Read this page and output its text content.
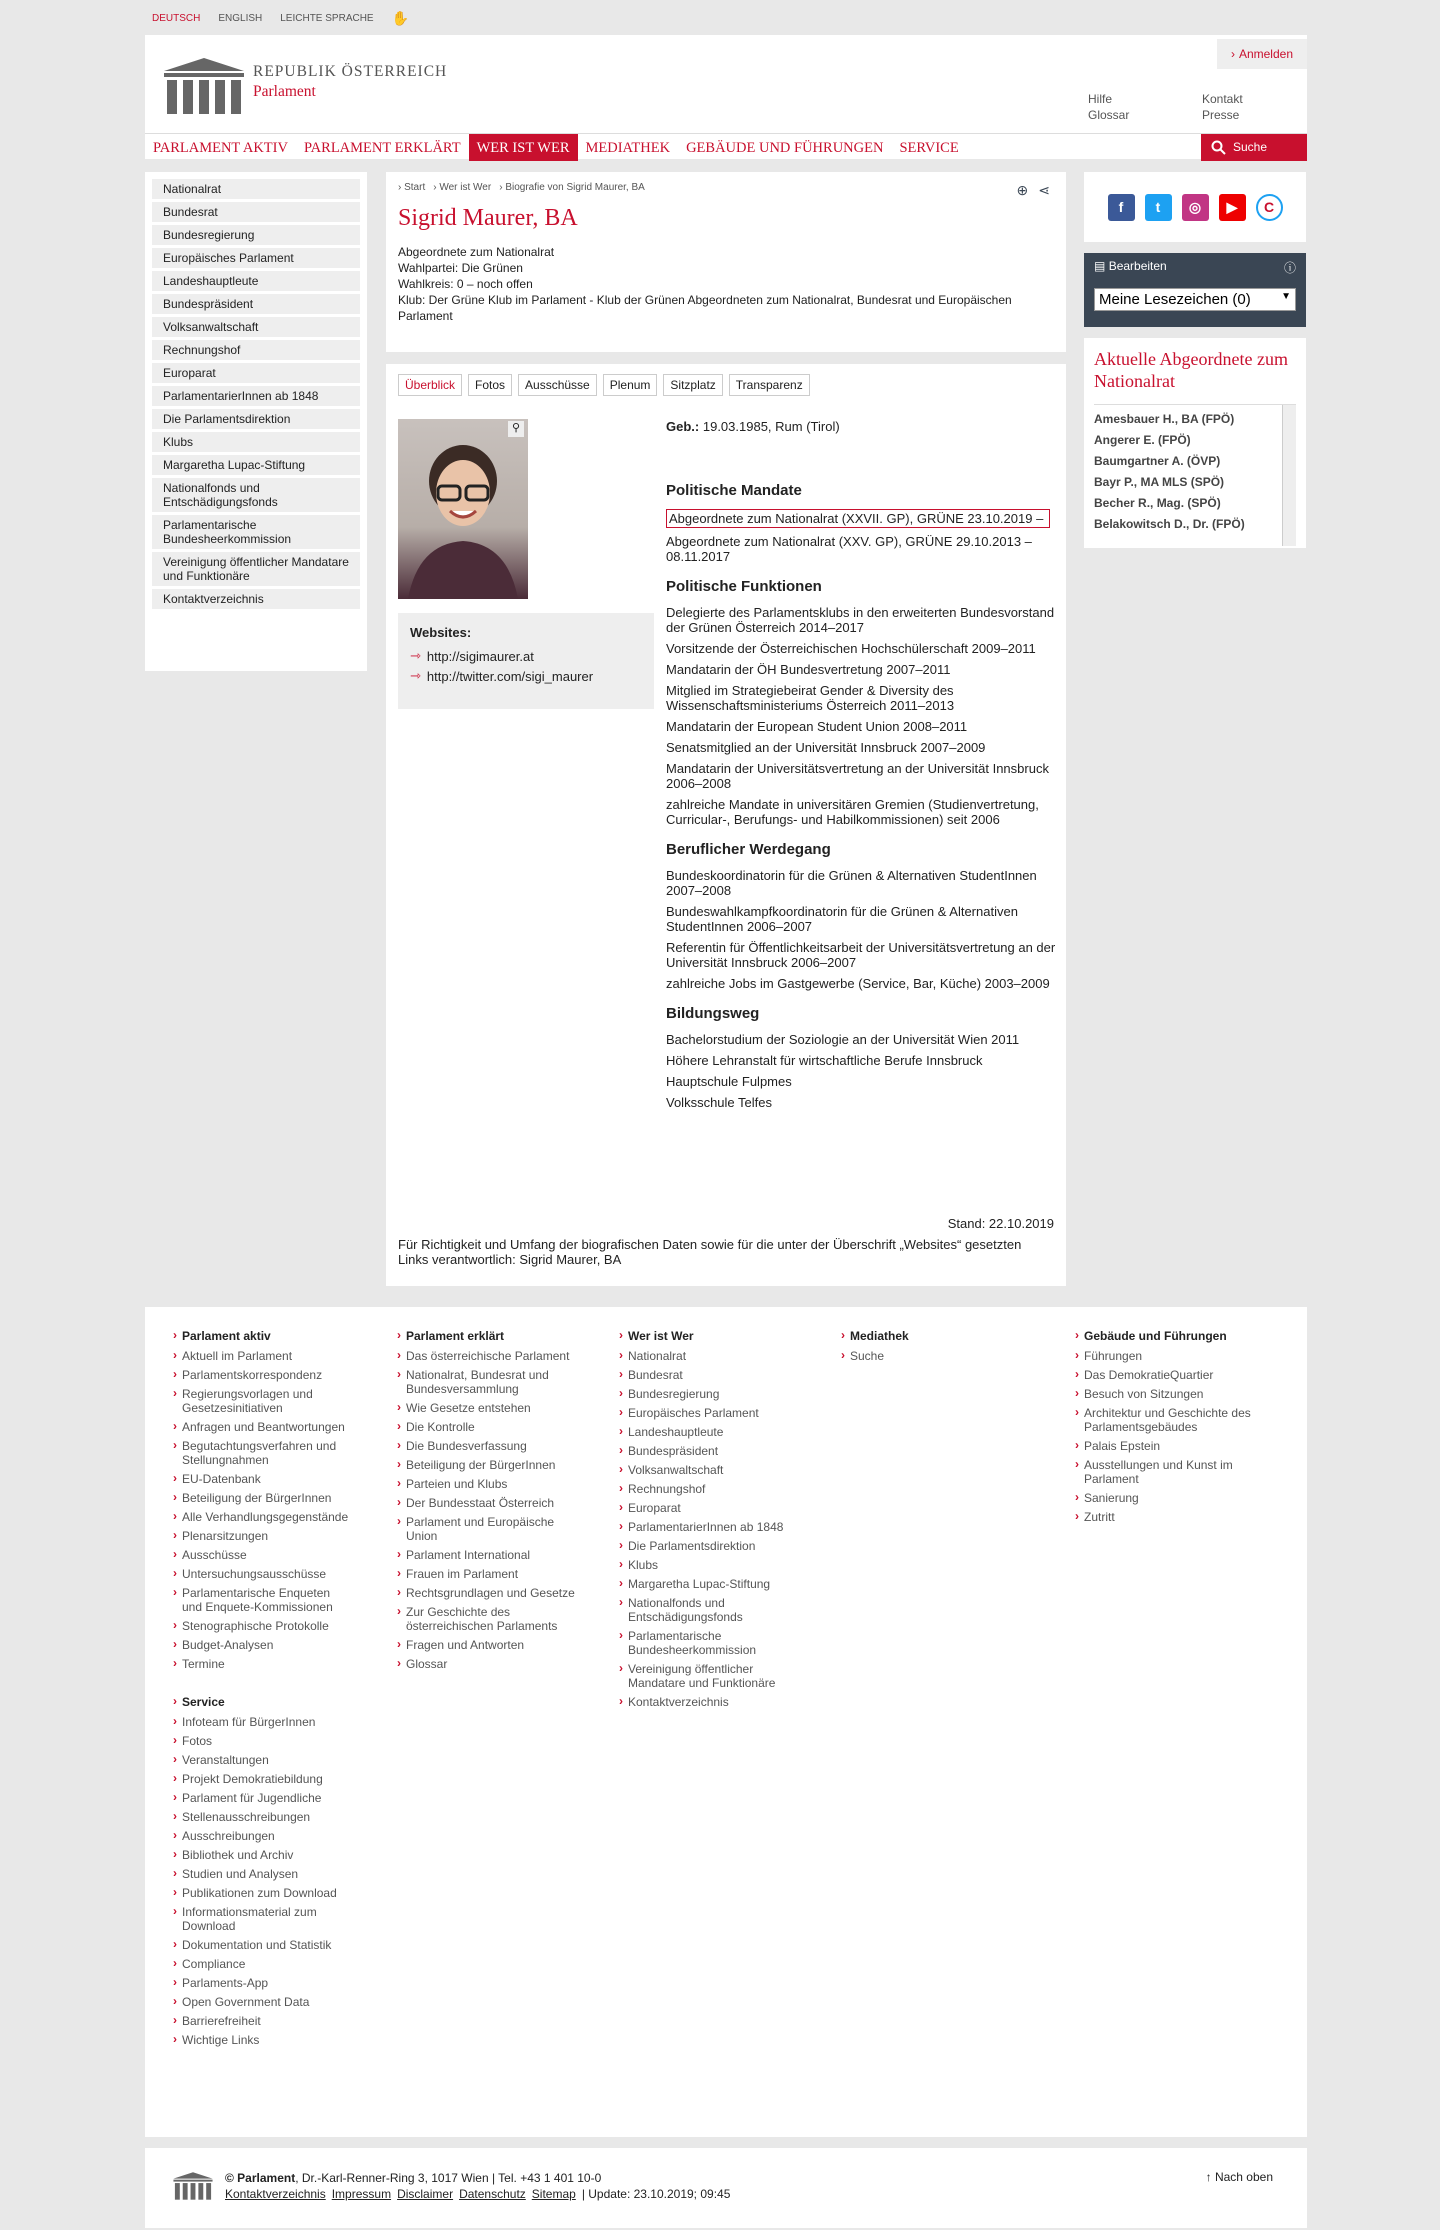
DEUTSCH ENGLISH LEICHTE SPRACHE ✋
REPUBLIK ÖSTERREICH
Parlament
› Anmelden
Hilfe
Glossar
Kontakt
Presse
PARLAMENT AKTIV	PARLAMENT ERKLÄRT	WER IST WER	MEDIATHEK	GEBÄUDE UND FÜHRUNGEN	SERVICE	Suche
Nationalrat
Bundesrat
Bundesregierung
Europäisches Parlament
Landeshauptleute
Bundespräsident
Volksanwaltschaft
Rechnungshof
Europarat
ParlamentarierInnen ab 1848
Die Parlamentsdirektion
Klubs
Margaretha Lupac-Stiftung
Nationalfonds und Entschädigungsfonds
Parlamentarische Bundesheerkommission
Vereinigung öffentlicher Mandatare und Funktionäre
Kontaktverzeichnis
› Start › Wer ist Wer › Biografie von Sigrid Maurer, BA	⊕ ⋖
Sigrid Maurer, BA
Abgeordnete zum Nationalrat
Wahlpartei: Die Grünen
Wahlkreis: 0 – noch offen
Klub: Der Grüne Klub im Parlament - Klub der Grünen Abgeordneten zum Nationalrat, Bundesrat und Europäischen Parlament
Überblick	Fotos	Ausschüsse	Plenum	Sitzplatz	Transparenz
⚲
Websites:
⇾ http://sigimaurer.at
⇾ http://twitter.com/sigi_maurer
Geb.: 19.03.1985, Rum (Tirol)
Politische Mandate
Abgeordnete zum Nationalrat (XXVII. GP), GRÜNE 23.10.2019 –
Abgeordnete zum Nationalrat (XXV. GP), GRÜNE 29.10.2013 – 08.11.2017
Politische Funktionen
Delegierte des Parlamentsklubs in den erweiterten Bundesvorstand der Grünen Österreich 2014–2017
Vorsitzende der Österreichischen Hochschülerschaft 2009–2011
Mandatarin der ÖH Bundesvertretung 2007–2011
Mitglied im Strategiebeirat Gender & Diversity des Wissenschaftsministeriums Österreich 2011–2013
Mandatarin der European Student Union 2008–2011
Senatsmitglied an der Universität Innsbruck 2007–2009
Mandatarin der Universitätsvertretung an der Universität Innsbruck 2006–2008
zahlreiche Mandate in universitären Gremien (Studienvertretung, Curricular-, Berufungs- und Habilkommissionen) seit 2006
Beruflicher Werdegang
Bundeskoordinatorin für die Grünen & Alternativen StudentInnen 2007–2008
Bundeswahlkampfkoordinatorin für die Grünen & Alternativen StudentInnen 2006–2007
Referentin für Öffentlichkeitsarbeit der Universitätsvertretung an der Universität Innsbruck 2006–2007
zahlreiche Jobs im Gastgewerbe (Service, Bar, Küche) 2003–2009
Bildungsweg
Bachelorstudium der Soziologie an der Universität Wien 2011
Höhere Lehranstalt für wirtschaftliche Berufe Innsbruck
Hauptschule Fulpmes
Volksschule Telfes
Stand: 22.10.2019
Für Richtigkeit und Umfang der biografischen Daten sowie für die unter der Überschrift „Websites“ gesetzten Links verantwortlich: Sigrid Maurer, BA
f	t	◎	▶	C
▤ Bearbeiten	ⓘ
Meine Lesezeichen (0)	▼
Aktuelle Abgeordnete zum Nationalrat
Amesbauer H., BA (FPÖ)
Angerer E. (FPÖ)
Baumgartner A. (ÖVP)
Bayr P., MA MLS (SPÖ)
Becher R., Mag. (SPÖ)
Belakowitsch D., Dr. (FPÖ)
› Parlament aktiv
› Aktuell im Parlament
› Parlamentskorrespondenz
› Regierungsvorlagen und Gesetzesinitiativen
› Anfragen und Beantwortungen
› Begutachtungsverfahren und Stellungnahmen
› EU-Datenbank
› Beteiligung der BürgerInnen
› Alle Verhandlungsgegenstände
› Plenarsitzungen
› Ausschüsse
› Untersuchungsausschüsse
› Parlamentarische Enqueten und Enquete-Kommissionen
› Stenographische Protokolle
› Budget-Analysen
› Termine
› Service
› Infoteam für BürgerInnen
› Fotos
› Veranstaltungen
› Projekt Demokratiebildung
› Parlament für Jugendliche
› Stellenausschreibungen
› Ausschreibungen
› Bibliothek und Archiv
› Studien und Analysen
› Publikationen zum Download
› Informationsmaterial zum Download
› Dokumentation und Statistik
› Compliance
› Parlaments-App
› Open Government Data
› Barrierefreiheit
› Wichtige Links
› Parlament erklärt
› Das österreichische Parlament
› Nationalrat, Bundesrat und Bundesversammlung
› Wie Gesetze entstehen
› Die Kontrolle
› Die Bundesverfassung
› Beteiligung der BürgerInnen
› Parteien und Klubs
› Der Bundesstaat Österreich
› Parlament und Europäische Union
› Parlament International
› Frauen im Parlament
› Rechtsgrundlagen und Gesetze
› Zur Geschichte des österreichischen Parlaments
› Fragen und Antworten
› Glossar
› Wer ist Wer
› Nationalrat
› Bundesrat
› Bundesregierung
› Europäisches Parlament
› Landeshauptleute
› Bundespräsident
› Volksanwaltschaft
› Rechnungshof
› Europarat
› ParlamentarierInnen ab 1848
› Die Parlamentsdirektion
› Klubs
› Margaretha Lupac-Stiftung
› Nationalfonds und Entschädigungsfonds
› Parlamentarische Bundesheerkommission
› Vereinigung öffentlicher Mandatare und Funktionäre
› Kontaktverzeichnis
› Mediathek
› Suche
› Gebäude und Führungen
› Führungen
› Das DemokratieQuartier
› Besuch von Sitzungen
› Architektur und Geschichte des Parlamentsgebäudes
› Palais Epstein
› Ausstellungen und Kunst im Parlament
› Sanierung
› Zutritt
© Parlament, Dr.-Karl-Renner-Ring 3, 1017 Wien | Tel. +43 1 401 10-0
Kontaktverzeichnis Impressum Disclaimer Datenschutz Sitemap | Update: 23.10.2019; 09:45
↑ Nach oben
